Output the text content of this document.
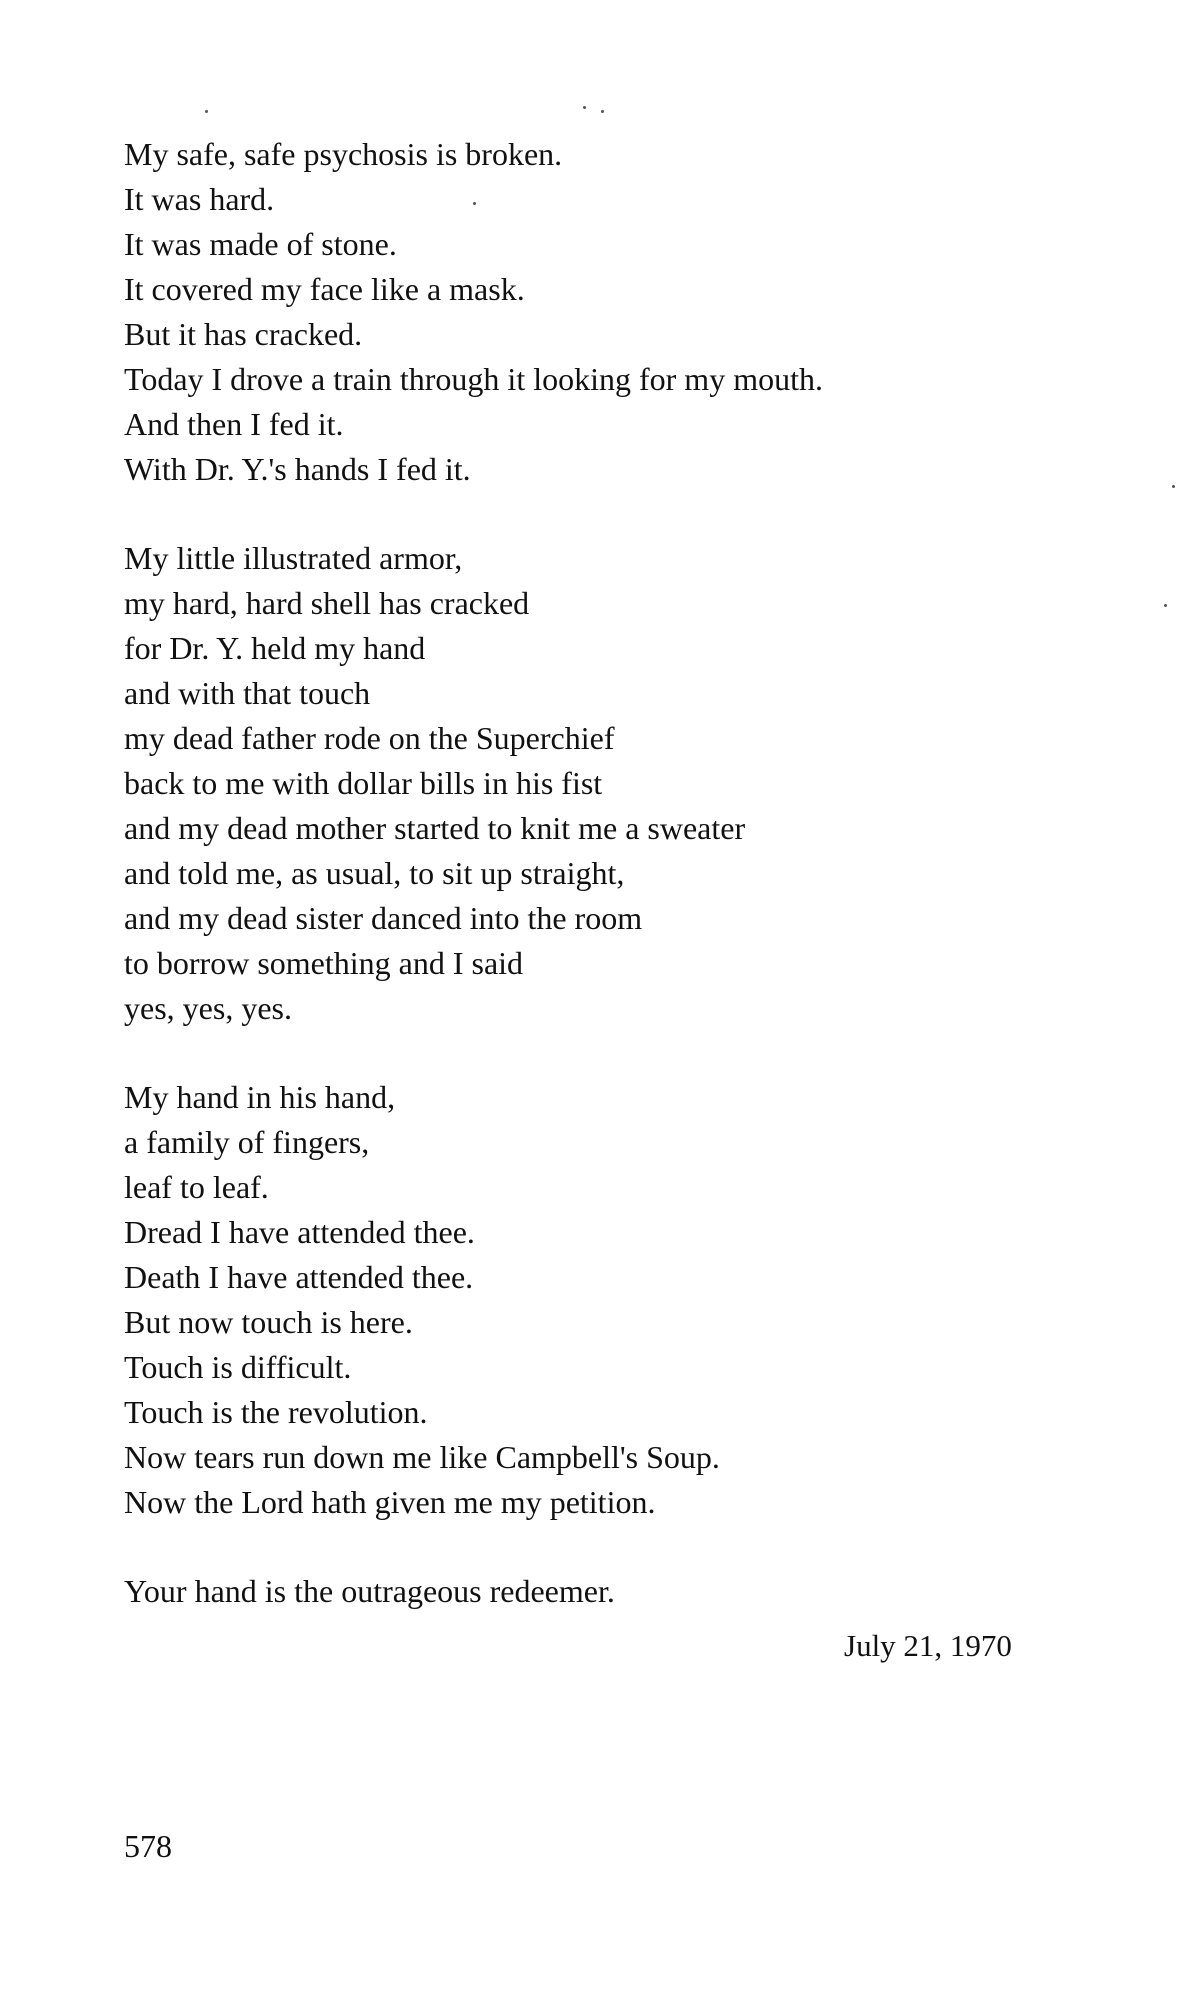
My safe, safe psychosis is broken.
It was hard.
It was made of stone.
It covered my face like a mask.
But it has cracked.
Today I drove a train through it looking for my mouth.
And then I fed it.
With Dr. Y.'s hands I fed it.
My little illustrated armor,
my hard, hard shell has cracked
for Dr. Y. held my hand
and with that touch
my dead father rode on the Superchief
back to me with dollar bills in his fist
and my dead mother started to knit me a sweater
and told me, as usual, to sit up straight,
and my dead sister danced into the room
to borrow something and I said
yes, yes, yes.
My hand in his hand,
a family of fingers,
leaf to leaf.
Dread I have attended thee.
Death I have attended thee.
But now touch is here.
Touch is difficult.
Touch is the revolution.
Now tears run down me like Campbell's Soup.
Now the Lord hath given me my petition.
Your hand is the outrageous redeemer.
July 21, 1970
578
